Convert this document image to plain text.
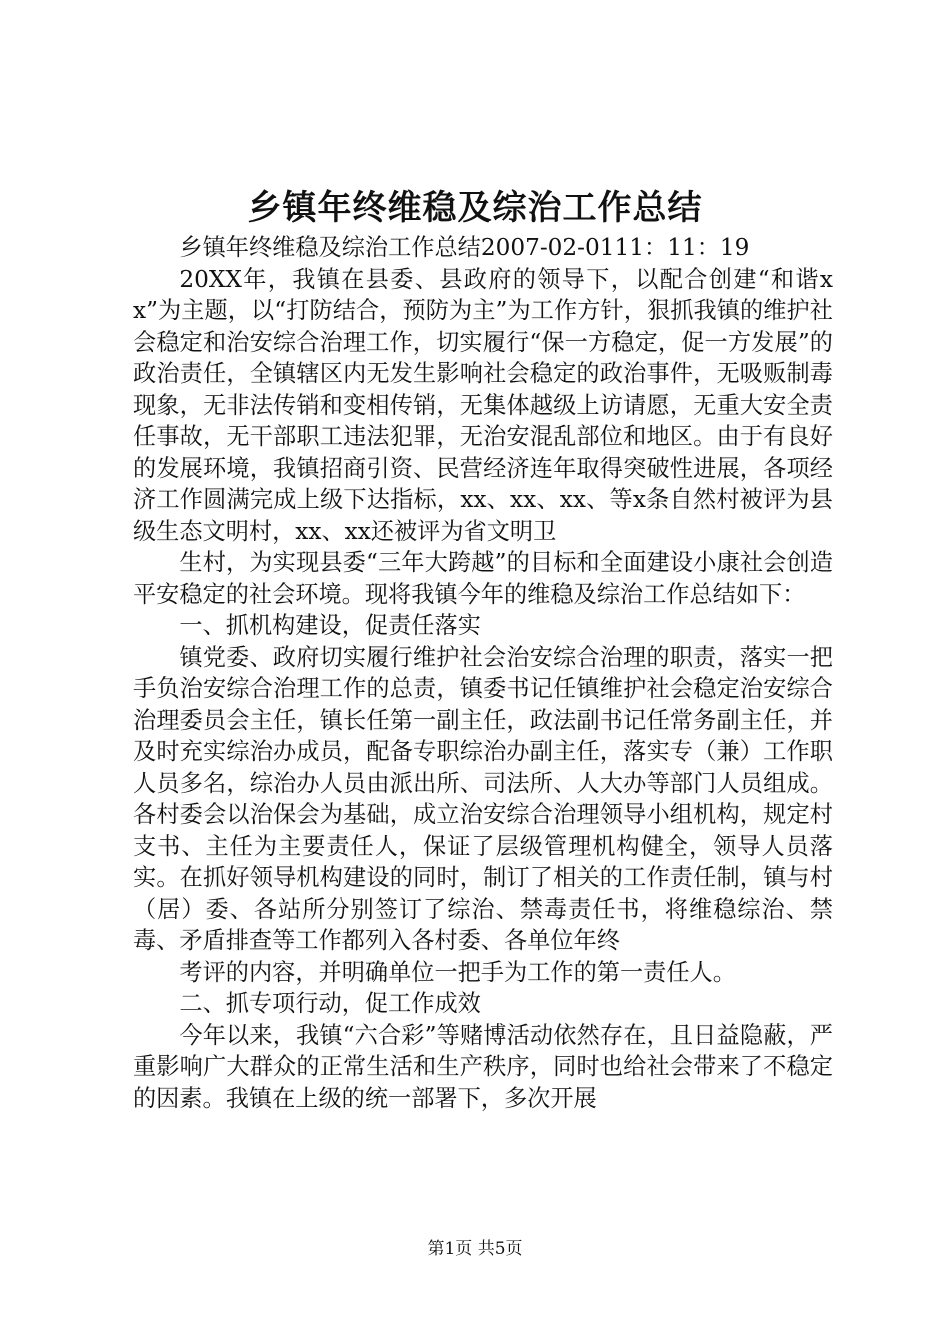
乡镇年终维稳及综治工作总结

乡镇年终维稳及综治工作总结2007-02-0111：11：19

20XX年，我镇在县委、县政府的领导下，以配合创建“和谐xx”为主题，以“打防结合，预防为主”为工作方针，狠抓我镇的维护社会稳定和治安综合治理工作，切实履行“保一方稳定，促一方发展”的政治责任，全镇辖区内无发生影响社会稳定的政治事件，无吸贩制毒现象，无非法传销和变相传销，无集体越级上访请愿，无重大安全责任事故，无干部职工违法犯罪，无治安混乱部位和地区。由于有良好的发展环境，我镇招商引资、民营经济连年取得突破性进展，各项经济工作圆满完成上级下达指标，xx、xx、xx、等x条自然村被评为县级生态文明村，xx、xx还被评为省文明卫

生村，为实现县委“三年大跨越”的目标和全面建设小康社会创造平安稳定的社会环境。现将我镇今年的维稳及综治工作总结如下：

一、抓机构建设，促责任落实

镇党委、政府切实履行维护社会治安综合治理的职责，落实一把手负治安综合治理工作的总责，镇委书记任镇维护社会稳定治安综合治理委员会主任，镇长任第一副主任，政法副书记任常务副主任，并及时充实综治办成员，配备专职综治办副主任，落实专（兼）工作职人员多名，综治办人员由派出所、司法所、人大办等部门人员组成。各村委会以治保会为基础，成立治安综合治理领导小组机构，规定村支书、主任为主要责任人，保证了层级管理机构健全，领导人员落实。在抓好领导机构建设的同时，制订了相关的工作责任制，镇与村（居）委、各站所分别签订了综治、禁毒责任书，将维稳综治、禁毒、矛盾排查等工作都列入各村委、各单位年终

考评的内容，并明确单位一把手为工作的第一责任人。

二、抓专项行动，促工作成效

今年以来，我镇“六合彩”等赌博活动依然存在，且日益隐蔽，严重影响广大群众的正常生活和生产秩序，同时也给社会带来了不稳定的因素。我镇在上级的统一部署下，多次开展

第1页 共5页
